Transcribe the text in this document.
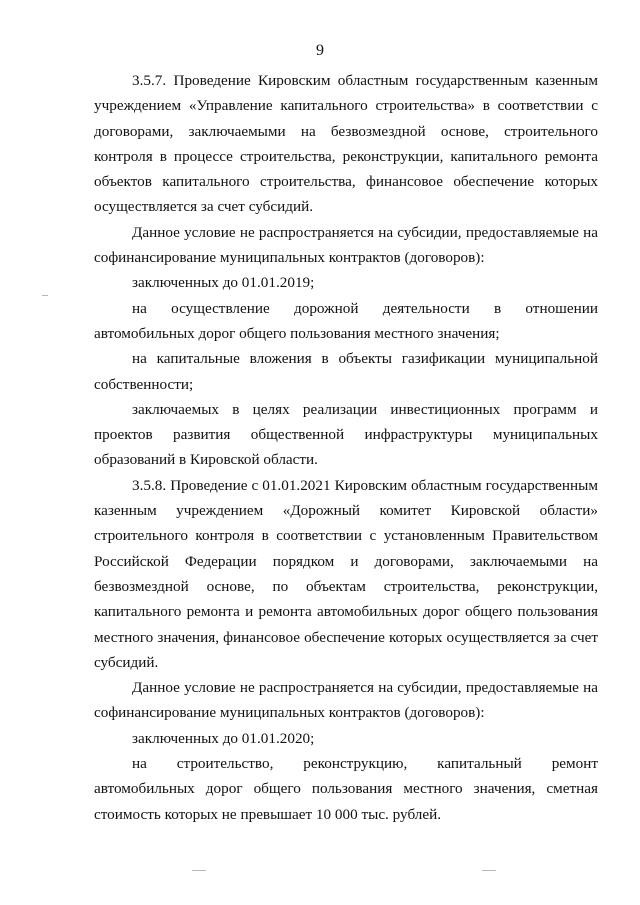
9

3.5.7. Проведение Кировским областным государственным казенным учреждением «Управление капитального строительства» в соответствии с договорами, заключаемыми на безвозмездной основе, строительного контроля в процессе строительства, реконструкции, капитального ремонта объектов капитального строительства, финансовое обеспечение которых осуществляется за счет субсидий.

Данное условие не распространяется на субсидии, предоставляемые на софинансирование муниципальных контрактов (договоров):

заключенных до 01.01.2019;

на осуществление дорожной деятельности в отношении автомобильных дорог общего пользования местного значения;

на капитальные вложения в объекты газификации муниципальной собственности;

заключаемых в целях реализации инвестиционных программ и проектов развития общественной инфраструктуры муниципальных образований в Кировской области.

3.5.8. Проведение с 01.01.2021 Кировским областным государственным казенным учреждением «Дорожный комитет Кировской области» строительного контроля в соответствии с установленным Правительством Российской Федерации порядком и договорами, заключаемыми на безвозмездной основе, по объектам строительства, реконструкции, капитального ремонта и ремонта автомобильных дорог общего пользования местного значения, финансовое обеспечение которых осуществляется за счет субсидий.

Данное условие не распространяется на субсидии, предоставляемые на софинансирование муниципальных контрактов (договоров):

заключенных до 01.01.2020;

на строительство, реконструкцию, капитальный ремонт автомобильных дорог общего пользования местного значения, сметная стоимость которых не превышает 10 000 тыс. рублей.
